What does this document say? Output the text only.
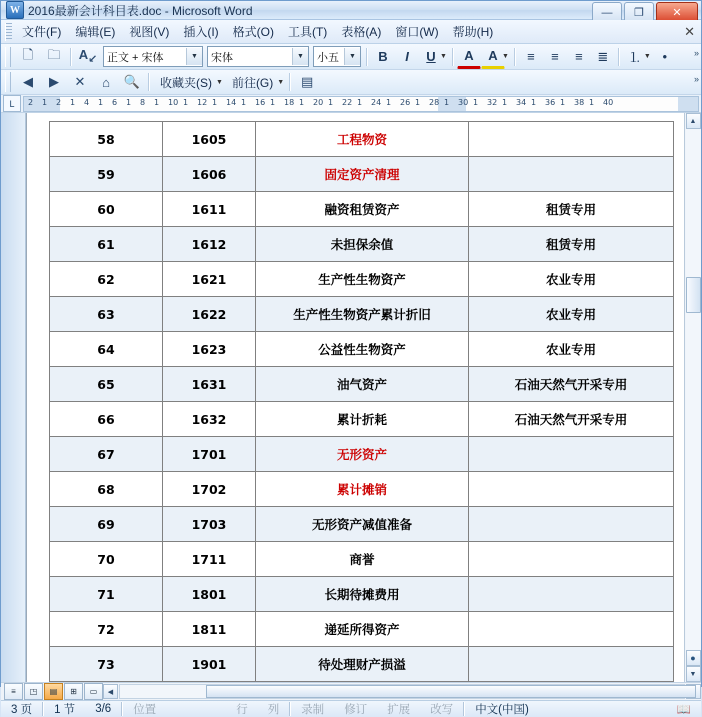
W 2016最新会计科目表.doc - Microsoft Word	—	❐	✕
文件(F)	编辑(E)	视图(V)	插入(I)	格式(O)	工具(T)	表格(A)	窗口(W)	帮助(H)	✕
🗋	🗀	$A_↙$ 正文 + 宋体	▼	宋体	▼	小五	▼	B	I	U ▼	A	A ▼	≡	≡	≡	≣	⒈ ▼ •	»
◀	▶	✕	⌂	🔍	收藏夹(S) ▼ 前往(G) ▼	▤	»
L	2 1 2 1 4 1 6 1 8 1 10 1 12 1 14 1 16 1 18 1 20 1 22 1 24 1 26 1 28 1 30 1 32 1 34 1 36 1 38 1 40
58	1605	工程物资	
59	1606	固定资产清理	
60	1611	融资租赁资产	租赁专用
61	1612	未担保余值	租赁专用
62	1621	生产性生物资产	农业专用
63	1622	生产性生物资产累计折旧	农业专用
64	1623	公益性生物资产	农业专用
65	1631	油气资产	石油天然气开采专用
66	1632	累计折耗	石油天然气开采专用
67	1701	无形资产	
68	1702	累计摊销	
69	1703	无形资产减值准备	
70	1711	商誉	
71	1801	长期待摊费用	
72	1811	递延所得资产	
73	1901	待处理财产损溢	
▲
●
▼
≡	◳	▤	⊞	▭	◀
3 页	1 节	3/6	位置	行	列	录制	修订	扩展	改写	中文(中国)	📖
